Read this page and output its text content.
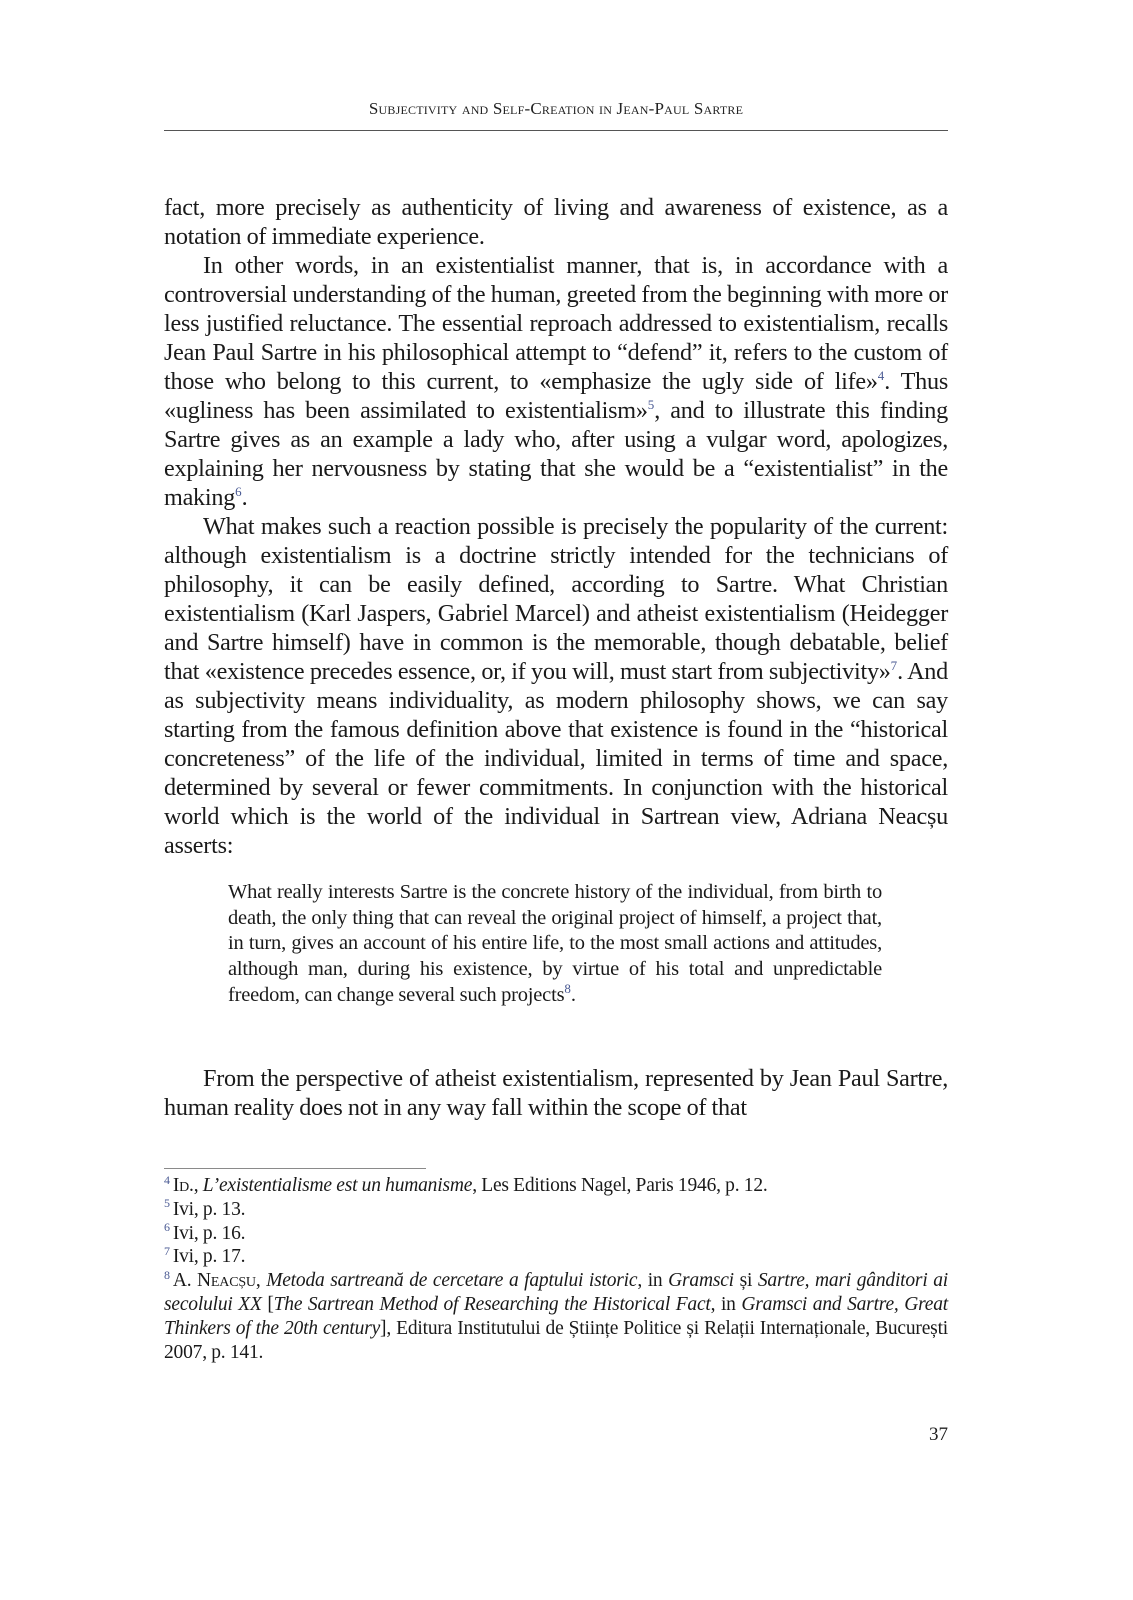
Subjectivity and Self-Creation in Jean-Paul Sartre

fact, more precisely as authenticity of living and awareness of existence, as a notation of immediate experience.

In other words, in an existentialist manner, that is, in accordance with a controversial understanding of the human, greeted from the beginning with more or less justified reluctance. The essential reproach addressed to existentialism, recalls Jean Paul Sartre in his philosophical attempt to “defend” it, refers to the custom of those who belong to this current, to «emphasize the ugly side of life»$^4$. Thus «ugliness has been assimilated to existentialism»$^5$, and to illustrate this finding Sartre gives as an example a lady who, after using a vulgar word, apologizes, explaining her nervousness by stating that she would be a “existentialist” in the making$^6$.

What makes such a reaction possible is precisely the popularity of the current: although existentialism is a doctrine strictly intended for the technicians of philosophy, it can be easily defined, according to Sartre. What Christian existentialism (Karl Jaspers, Gabriel Marcel) and atheist existentialism (Heidegger and Sartre himself) have in common is the memorable, though debatable, belief that «existence precedes essence, or, if you will, must start from subjectivity»$^7$. And as subjectivity means individuality, as modern philosophy shows, we can say starting from the famous definition above that existence is found in the “historical concreteness” of the life of the individual, limited in terms of time and space, determined by several or fewer commitments. In conjunction with the historical world which is the world of the individual in Sartrean view, Adriana Neacșu asserts:

What really interests Sartre is the concrete history of the individual, from birth to death, the only thing that can reveal the original project of himself, a project that, in turn, gives an account of his entire life, to the most small actions and attitudes, although man, during his existence, by virtue of his total and unpredictable freedom, can change several such projects$^8$.

From the perspective of atheist existentialism, represented by Jean Paul Sartre, human reality does not in any way fall within the scope of that

$^4$ Id., L’existentialisme est un humanisme, Les Editions Nagel, Paris 1946, p. 12.

$^5$ Ivi, p. 13.

$^6$ Ivi, p. 16.

$^7$ Ivi, p. 17.

$^8$ A. Neacșu, Metoda sartreană de cercetare a faptului istoric, in Gramsci și Sartre, mari gânditori ai secolului XX [The Sartrean Method of Researching the Historical Fact, in Gramsci and Sartre, Great Thinkers of the 20th century], Editura Institutului de Științe Politice și Relații Internaționale, București 2007, p. 141.

37
